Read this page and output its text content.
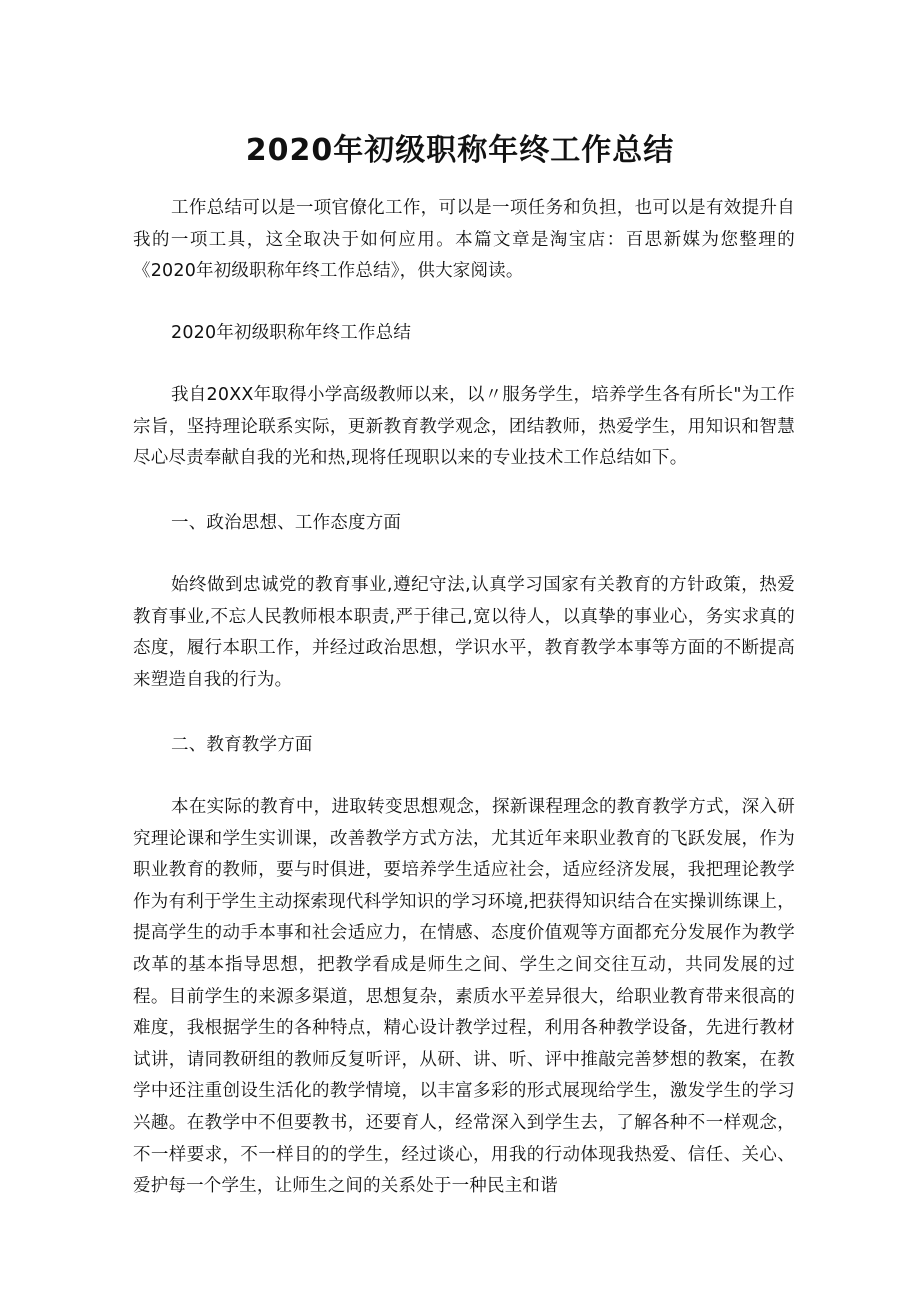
2020年初级职称年终工作总结

工作总结可以是一项官僚化工作，可以是一项任务和负担，也可以是有效提升自我的一项工具，这全取决于如何应用。本篇文章是淘宝店：百思新媒为您整理的《2020年初级职称年终工作总结》，供大家阅读。

2020年初级职称年终工作总结

我自20XX年取得小学高级教师以来，以〃服务学生，培养学生各有所长"为工作宗旨，坚持理论联系实际，更新教育教学观念，团结教师，热爱学生，用知识和智慧尽心尽责奉献自我的光和热,现将任现职以来的专业技术工作总结如下。

一、政治思想、工作态度方面

始终做到忠诚党的教育事业,遵纪守法,认真学习国家有关教育的方针政策，热爱教育事业,不忘人民教师根本职责,严于律己,宽以待人，以真挚的事业心，务实求真的态度，履行本职工作，并经过政治思想，学识水平，教育教学本事等方面的不断提高来塑造自我的行为。

二、教育教学方面

本在实际的教育中，进取转变思想观念，探新课程理念的教育教学方式，深入研究理论课和学生实训课，改善教学方式方法，尤其近年来职业教育的飞跃发展，作为职业教育的教师，要与时俱进，要培养学生适应社会，适应经济发展，我把理论教学作为有利于学生主动探索现代科学知识的学习环境,把获得知识结合在实操训练课上，提高学生的动手本事和社会适应力，在情感、态度价值观等方面都充分发展作为教学改革的基本指导思想，把教学看成是师生之间、学生之间交往互动，共同发展的过程。目前学生的来源多渠道，思想复杂，素质水平差异很大，给职业教育带来很高的难度，我根据学生的各种特点，精心设计教学过程，利用各种教学设备，先进行教材试讲，请同教研组的教师反复听评，从研、讲、听、评中推敲完善梦想的教案，在教学中还注重创设生活化的教学情境，以丰富多彩的形式展现给学生，激发学生的学习兴趣。在教学中不但要教书，还要育人，经常深入到学生去，了解各种不一样观念，不一样要求，不一样目的的学生，经过谈心，用我的行动体现我热爱、信任、关心、爱护每一个学生，让师生之间的关系处于一种民主和谐
